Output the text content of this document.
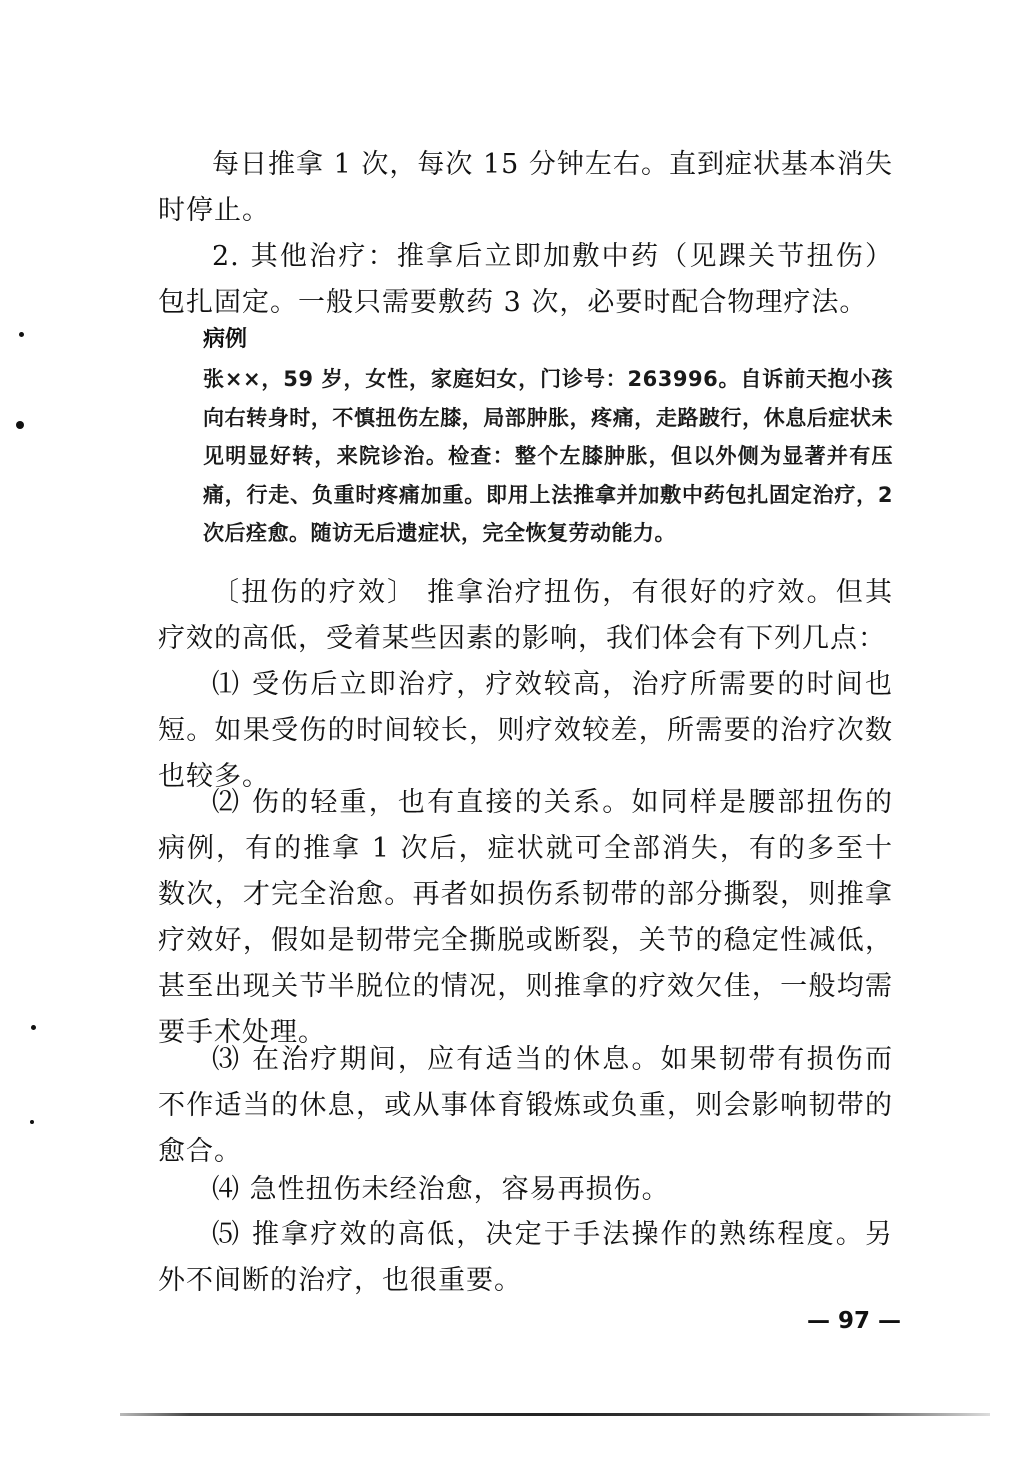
每日推拿 1 次，每次 15 分钟左右。直到症状基本消失时停止。

2. 其他治疗：推拿后立即加敷中药（见踝关节扭伤）包扎固定。一般只需要敷药 3 次，必要时配合物理疗法。

病例

张××，59 岁，女性，家庭妇女，门诊号：263996。自诉前天抱小孩向右转身时，不慎扭伤左膝，局部肿胀，疼痛，走路跛行，休息后症状未见明显好转，来院诊治。检查：整个左膝肿胀，但以外侧为显著并有压痛，行走、负重时疼痛加重。即用上法推拿并加敷中药包扎固定治疗，2 次后痊愈。随访无后遗症状，完全恢复劳动能力。

〔扭伤的疗效〕 推拿治疗扭伤，有很好的疗效。但其疗效的高低，受着某些因素的影响，我们体会有下列几点：

⑴ 受伤后立即治疗，疗效较高，治疗所需要的时间也短。如果受伤的时间较长，则疗效较差，所需要的治疗次数也较多。

⑵ 伤的轻重，也有直接的关系。如同样是腰部扭伤的病例，有的推拿 1 次后，症状就可全部消失，有的多至十数次，才完全治愈。再者如损伤系韧带的部分撕裂，则推拿疗效好，假如是韧带完全撕脱或断裂，关节的稳定性减低，甚至出现关节半脱位的情况，则推拿的疗效欠佳，一般均需要手术处理。

⑶ 在治疗期间，应有适当的休息。如果韧带有损伤而不作适当的休息，或从事体育锻炼或负重，则会影响韧带的愈合。

⑷ 急性扭伤未经治愈，容易再损伤。

⑸ 推拿疗效的高低，决定于手法操作的熟练程度。另外不间断的治疗，也很重要。

— 97 —
